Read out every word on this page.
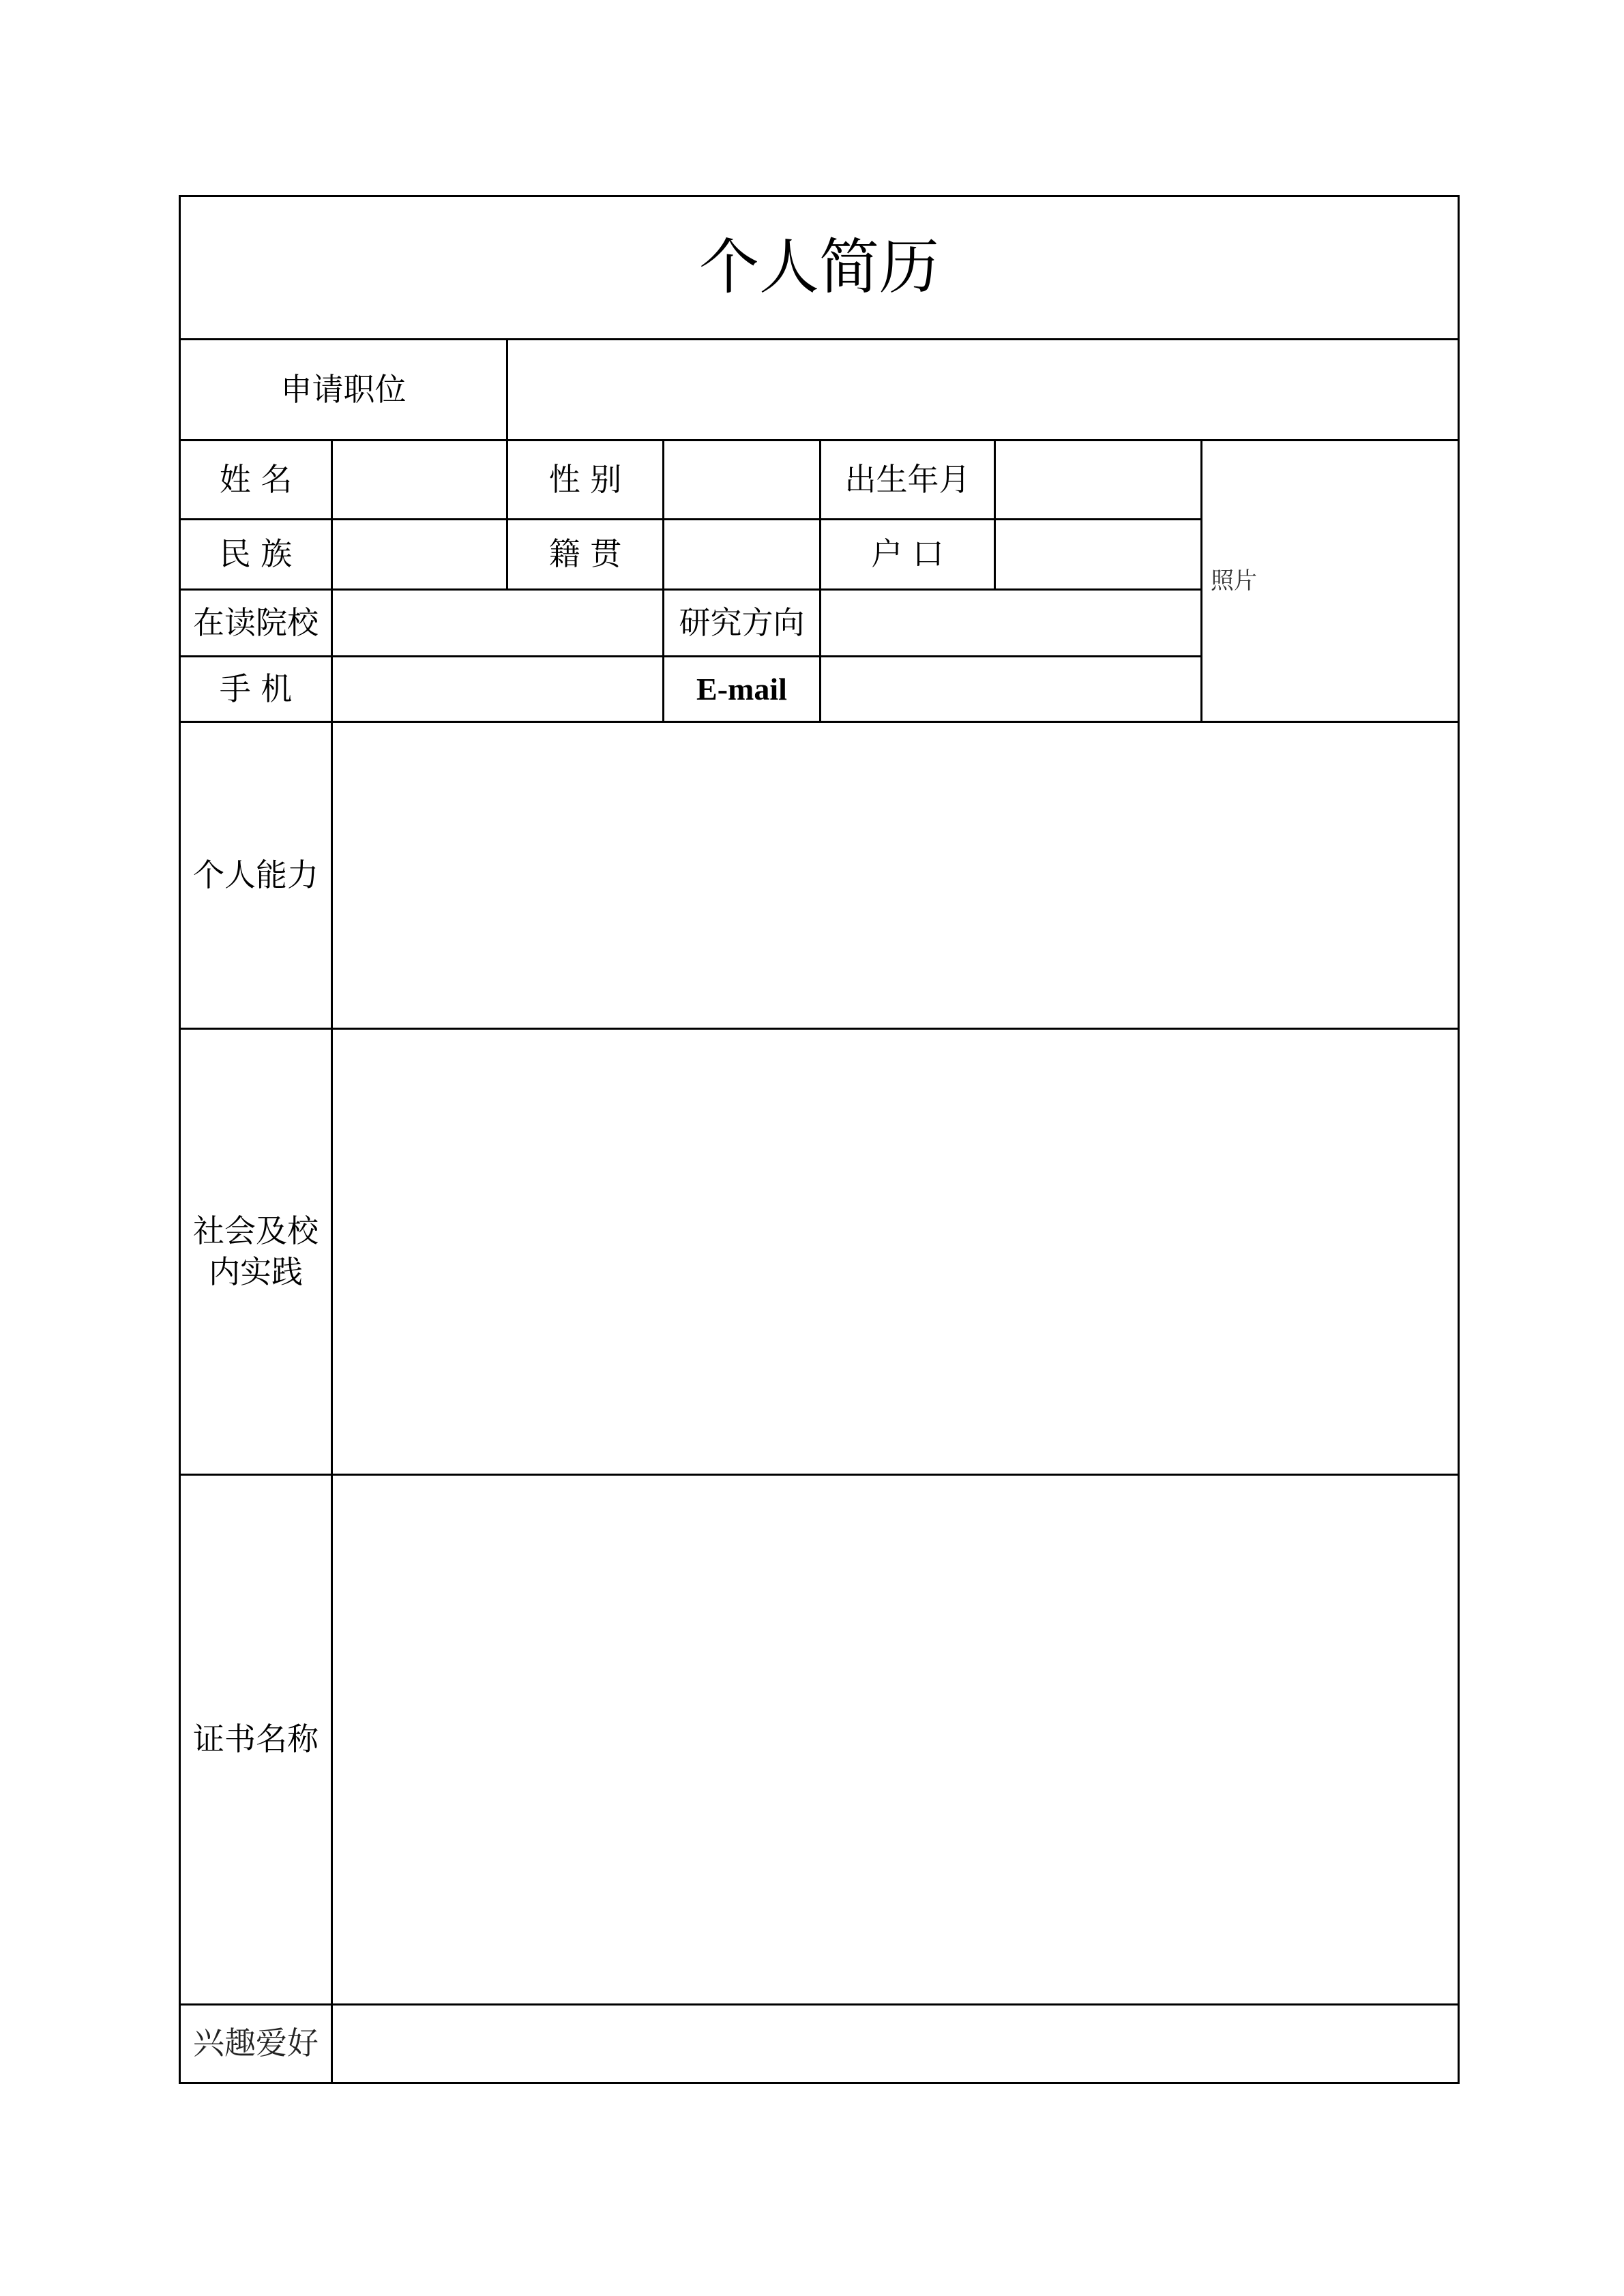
个人简历						
申请职位						
姓 名		性 别		出生年月		照片
民 族		籍 贯		户 口		
在读院校			研究方向			
手 机			E-mail			
个人能力						
社会及校
内实践						
证书名称						
兴趣爱好						
